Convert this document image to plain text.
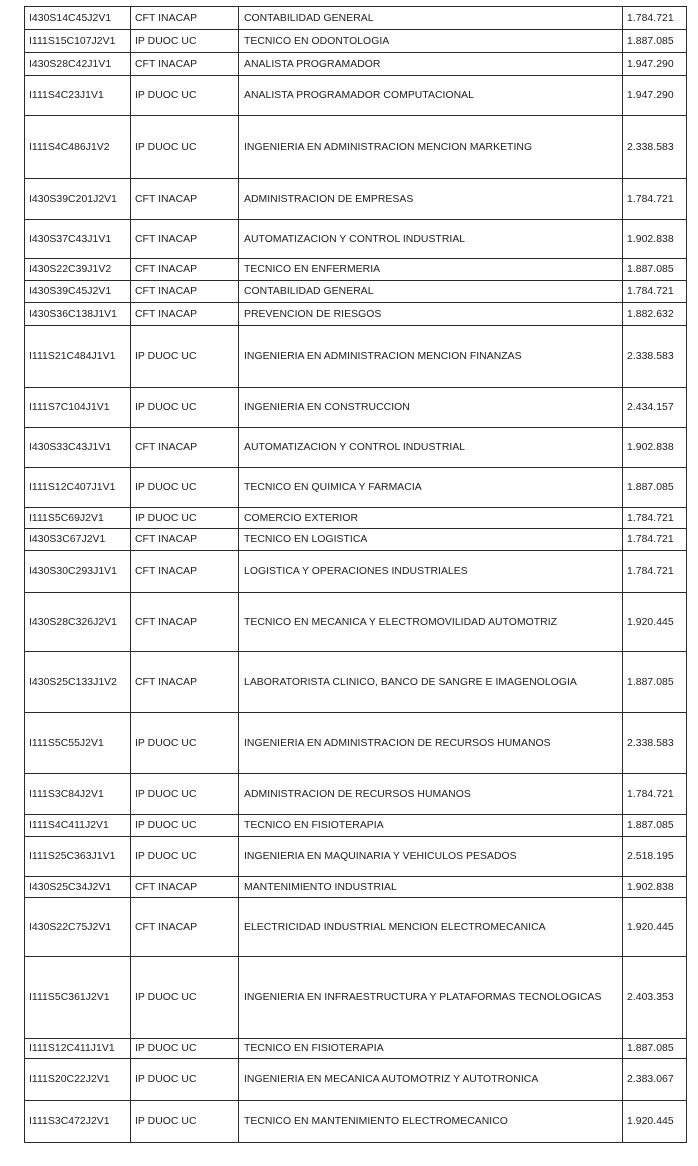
I430S14C45J2V1	CFT INACAP	CONTABILIDAD GENERAL	1.784.721
I111S15C107J2V1	IP DUOC UC	TECNICO EN ODONTOLOGIA	1.887.085
I430S28C42J1V1	CFT INACAP	ANALISTA PROGRAMADOR	1.947.290
I111S4C23J1V1	IP DUOC UC	ANALISTA PROGRAMADOR COMPUTACIONAL	1.947.290
I111S4C486J1V2	IP DUOC UC	INGENIERIA EN ADMINISTRACION MENCION MARKETING	2.338.583
I430S39C201J2V1	CFT INACAP	ADMINISTRACION DE EMPRESAS	1.784.721
I430S37C43J1V1	CFT INACAP	AUTOMATIZACION Y CONTROL INDUSTRIAL	1.902.838
I430S22C39J1V2	CFT INACAP	TECNICO EN ENFERMERIA	1.887.085
I430S39C45J2V1	CFT INACAP	CONTABILIDAD GENERAL	1.784.721
I430S36C138J1V1	CFT INACAP	PREVENCION DE RIESGOS	1.882.632
I111S21C484J1V1	IP DUOC UC	INGENIERIA EN ADMINISTRACION MENCION FINANZAS	2.338.583
I111S7C104J1V1	IP DUOC UC	INGENIERIA EN CONSTRUCCION	2.434.157
I430S33C43J1V1	CFT INACAP	AUTOMATIZACION Y CONTROL INDUSTRIAL	1.902.838
I111S12C407J1V1	IP DUOC UC	TECNICO EN QUIMICA Y FARMACIA	1.887.085
I111S5C69J2V1	IP DUOC UC	COMERCIO EXTERIOR	1.784.721
I430S3C67J2V1	CFT INACAP	TECNICO EN LOGISTICA	1.784.721
I430S30C293J1V1	CFT INACAP	LOGISTICA Y OPERACIONES INDUSTRIALES	1.784.721
I430S28C326J2V1	CFT INACAP	TECNICO EN MECANICA Y ELECTROMOVILIDAD AUTOMOTRIZ	1.920.445
I430S25C133J1V2	CFT INACAP	LABORATORISTA CLINICO, BANCO DE SANGRE E IMAGENOLOGIA	1.887.085
I111S5C55J2V1	IP DUOC UC	INGENIERIA EN ADMINISTRACION DE RECURSOS HUMANOS	2.338.583
I111S3C84J2V1	IP DUOC UC	ADMINISTRACION DE RECURSOS HUMANOS	1.784.721
I111S4C411J2V1	IP DUOC UC	TECNICO EN FISIOTERAPIA	1.887.085
I111S25C363J1V1	IP DUOC UC	INGENIERIA EN MAQUINARIA Y VEHICULOS PESADOS	2.518.195
I430S25C34J2V1	CFT INACAP	MANTENIMIENTO INDUSTRIAL	1.902.838
I430S22C75J2V1	CFT INACAP	ELECTRICIDAD INDUSTRIAL MENCION ELECTROMECANICA	1.920.445
I111S5C361J2V1	IP DUOC UC	INGENIERIA EN INFRAESTRUCTURA Y PLATAFORMAS TECNOLOGICAS	2.403.353
I111S12C411J1V1	IP DUOC UC	TECNICO EN FISIOTERAPIA	1.887.085
I111S20C22J2V1	IP DUOC UC	INGENIERIA EN MECANICA AUTOMOTRIZ Y AUTOTRONICA	2.383.067
I111S3C472J2V1	IP DUOC UC	TECNICO EN MANTENIMIENTO ELECTROMECANICO	1.920.445
